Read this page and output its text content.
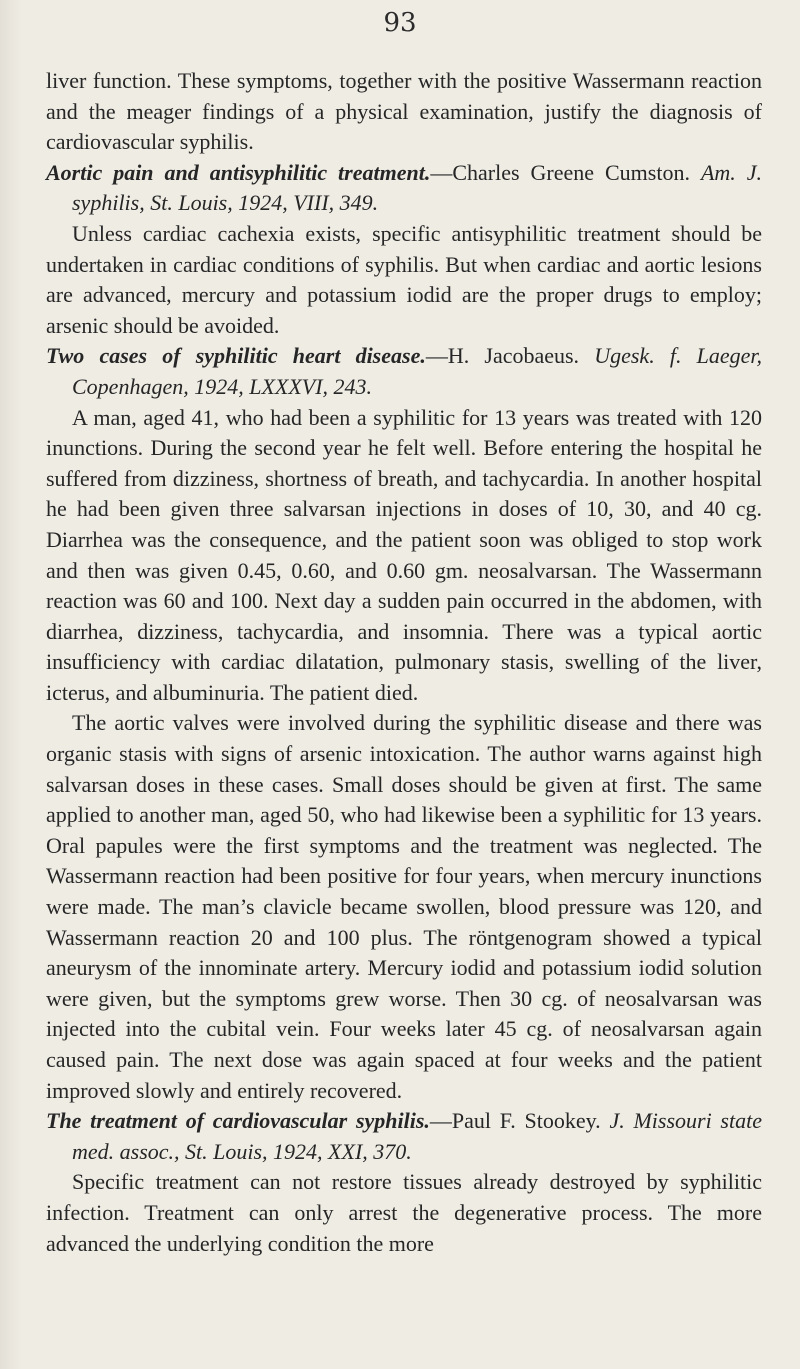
93

liver function. These symptoms, together with the positive Wassermann reaction and the meager findings of a physical examination, justify the diagnosis of cardiovascular syphilis.

Aortic pain and antisyphilitic treatment.—Charles Greene Cumston. Am. J. syphilis, St. Louis, 1924, VIII, 349.

Unless cardiac cachexia exists, specific antisyphilitic treatment should be undertaken in cardiac conditions of syphilis. But when cardiac and aortic lesions are advanced, mercury and potassium iodid are the proper drugs to employ; arsenic should be avoided.

Two cases of syphilitic heart disease.—H. Jacobaeus. Ugesk. f. Laeger, Copenhagen, 1924, LXXXVI, 243.

A man, aged 41, who had been a syphilitic for 13 years was treated with 120 inunctions. During the second year he felt well. Before entering the hospital he suffered from dizziness, shortness of breath, and tachycardia. In another hospital he had been given three salvarsan injections in doses of 10, 30, and 40 cg. Diarrhea was the consequence, and the patient soon was obliged to stop work and then was given 0.45, 0.60, and 0.60 gm. neosalvarsan. The Wassermann reaction was 60 and 100. Next day a sudden pain occurred in the abdomen, with diarrhea, dizziness, tachycardia, and insomnia. There was a typical aortic insufficiency with cardiac dilatation, pulmonary stasis, swelling of the liver, icterus, and albuminuria. The patient died.

The aortic valves were involved during the syphilitic disease and there was organic stasis with signs of arsenic intoxication. The author warns against high salvarsan doses in these cases. Small doses should be given at first. The same applied to another man, aged 50, who had likewise been a syphilitic for 13 years. Oral papules were the first symptoms and the treatment was neglected. The Wassermann reaction had been positive for four years, when mercury inunctions were made. The man’s clavicle became swollen, blood pressure was 120, and Wassermann reaction 20 and 100 plus. The röntgenogram showed a typical aneurysm of the innominate artery. Mercury iodid and potassium iodid solution were given, but the symptoms grew worse. Then 30 cg. of neosalvarsan was injected into the cubital vein. Four weeks later 45 cg. of neosalvarsan again caused pain. The next dose was again spaced at four weeks and the patient improved slowly and entirely recovered.

The treatment of cardiovascular syphilis.—Paul F. Stookey. J. Missouri state med. assoc., St. Louis, 1924, XXI, 370.

Specific treatment can not restore tissues already destroyed by syphilitic infection. Treatment can only arrest the degenerative process. The more advanced the underlying condition the more
